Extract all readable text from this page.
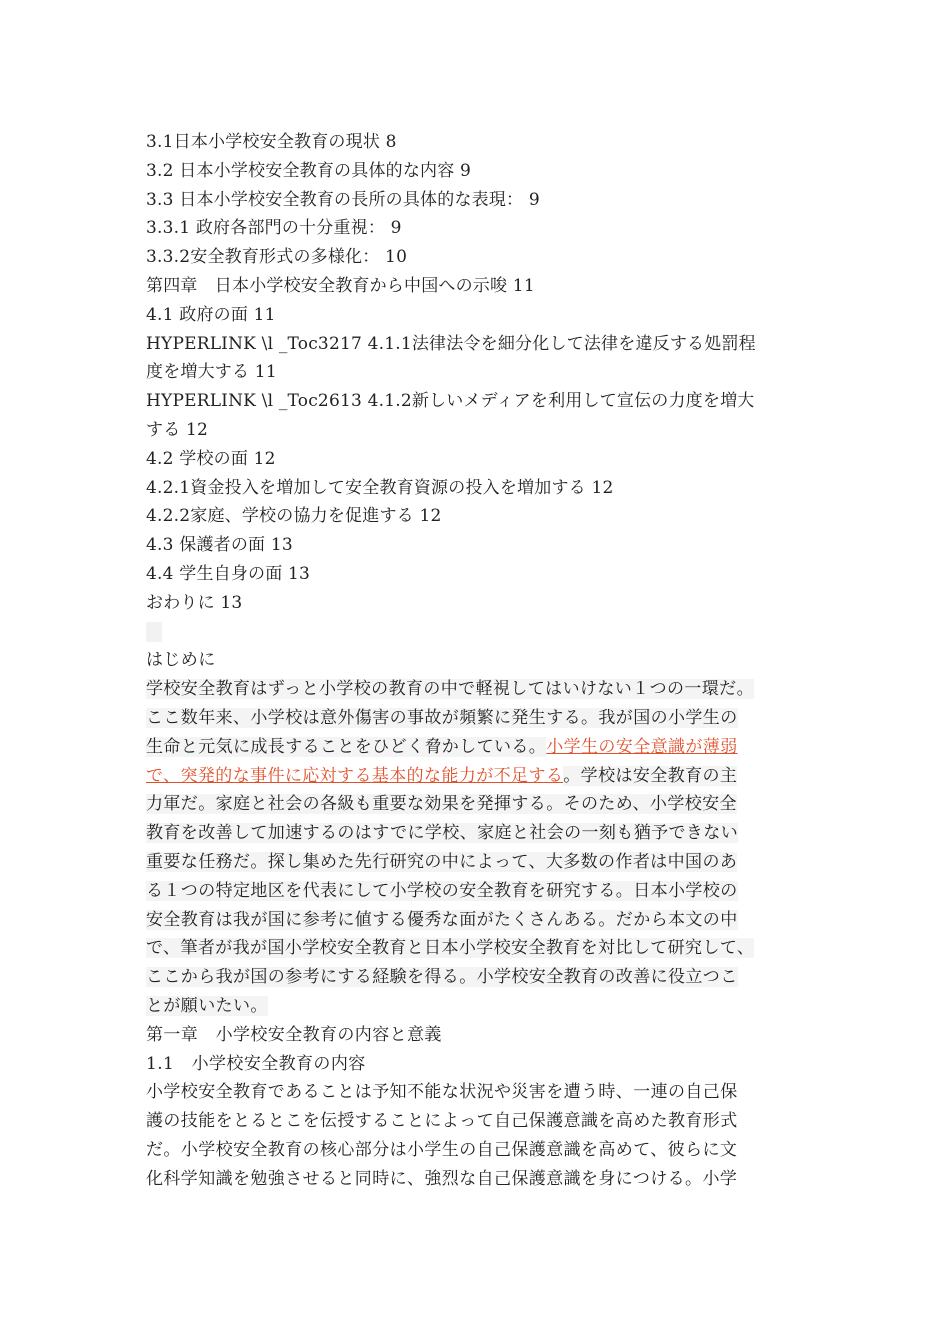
3.1日本小学校安全教育の現状 8
3.2 日本小学校安全教育の具体的な内容 9
3.3 日本小学校安全教育の長所の具体的な表現： 9
3.3.1 政府各部門の十分重視： 9
3.3.2安全教育形式の多様化： 10
第四章　日本小学校安全教育から中国への示唆 11
4.1 政府の面 11
HYPERLINK \l _Toc3217 4.1.1法律法令を細分化して法律を違反する処罰程
度を増大する 11
HYPERLINK \l _Toc2613 4.1.2新しいメディアを利用して宣伝の力度を増大
する 12
4.2 学校の面 12
4.2.1資金投入を増加して安全教育資源の投入を増加する 12
4.2.2家庭、学校の協力を促進する 12
4.3 保護者の面 13
4.4 学生自身の面 13
おわりに 13
はじめに
学校安全教育はずっと小学校の教育の中で軽視してはいけない１つの一環だ。
ここ数年来、小学校は意外傷害の事故が頻繁に発生する。我が国の小学生の
生命と元気に成長することをひどく脅かしている。小学生の安全意識が薄弱
で、突発的な事件に応対する基本的な能力が不足する。学校は安全教育の主
力軍だ。家庭と社会の各級も重要な効果を発揮する。そのため、小学校安全
教育を改善して加速するのはすでに学校、家庭と社会の一刻も猶予できない
重要な任務だ。探し集めた先行研究の中によって、大多数の作者は中国のあ
る１つの特定地区を代表にして小学校の安全教育を研究する。日本小学校の
安全教育は我が国に参考に値する優秀な面がたくさんある。だから本文の中
で、筆者が我が国小学校安全教育と日本小学校安全教育を対比して研究して、
ここから我が国の参考にする経験を得る。小学校安全教育の改善に役立つこ
とが願いたい。
第一章　小学校安全教育の内容と意義
1.1　小学校安全教育の内容
小学校安全教育であることは予知不能な状況や災害を遭う時、一連の自己保
護の技能をとるとこを伝授することによって自己保護意識を高めた教育形式
だ。小学校安全教育の核心部分は小学生の自己保護意識を高めて、彼らに文
化科学知識を勉強させると同時に、強烈な自己保護意識を身につける。小学
